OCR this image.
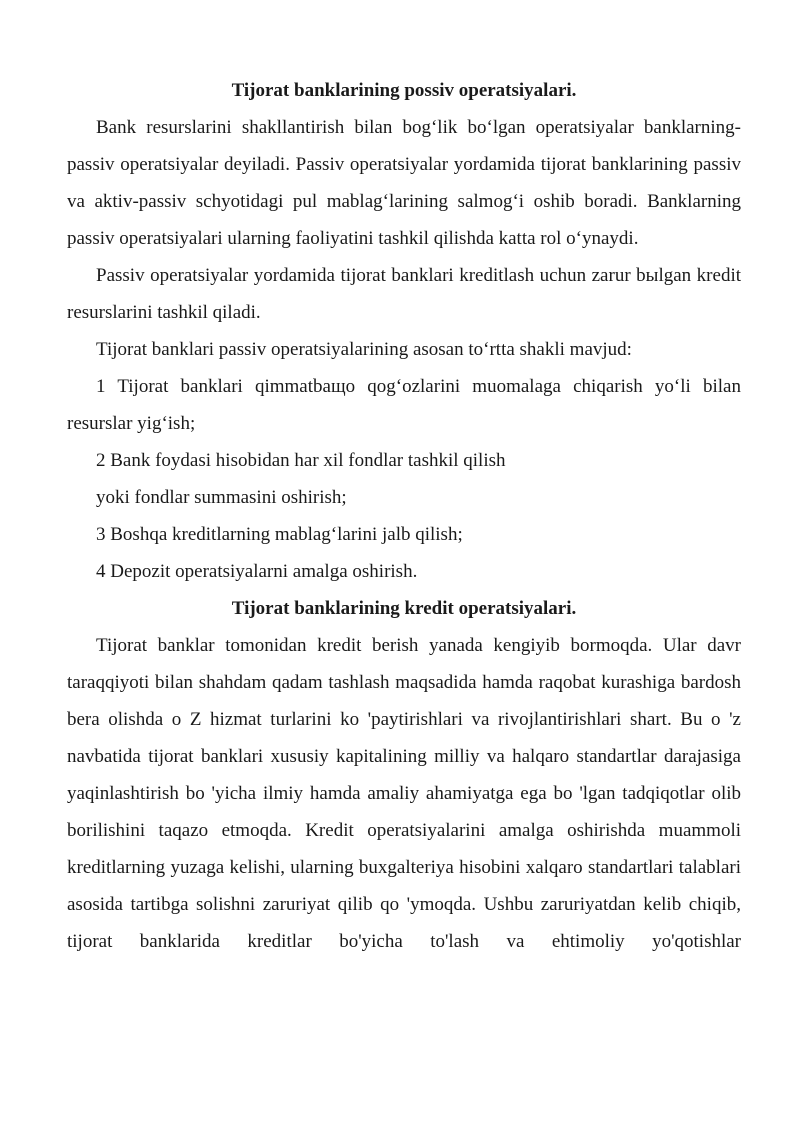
Tijorat banklarining possiv operatsiyalari.

Bank resurslarini shakllantirish bilan bog‘lik bo‘lgan operatsiyalar banklarning- passiv operatsiyalar deyiladi. Passiv operatsiyalar yordamida tijorat banklarining passiv va aktiv-passiv schyotidagi pul mablag‘larining salmog‘i oshib boradi. Banklarning passiv operatsiyalari ularning faoliyatini tashkil qilishda katta rol o‘ynaydi.

Passiv operatsiyalar yordamida tijorat banklari kreditlash uchun zarur bыlgan kredit resurslarini tashkil qiladi.

Tijorat banklari passiv operatsiyalarining asosan to‘rtta shakli mavjud:

1 Tijorat banklari qimmatbaщo qog‘ozlarini muomalaga chiqarish yo‘li bilan resurslar yig‘ish;

2 Bank foydasi hisobidan har xil fondlar tashkil qilish

yoki fondlar summasini oshirish;

3 Boshqa kreditlarning mablag‘larini jalb qilish;

4 Depozit operatsiyalarni amalga oshirish.

Tijorat banklarining kredit operatsiyalari.

Tijorat banklar tomonidan kredit berish yanada kengiyib bormoqda. Ular davr taraqqiyoti bilan shahdam qadam tashlash maqsadida hamda raqobat kurashiga bardosh bera olishda o Z hizmat turlarini ko 'paytirishlari va rivojlantirishlari shart. Bu o 'z navbatida tijorat banklari xususiy kapitalining milliy va halqaro standartlar darajasiga yaqinlashtirish bo 'yicha ilmiy hamda amaliy ahamiyatga ega bo 'lgan tadqiqotlar olib borilishini taqazo etmoqda. Kredit operatsiyalarini amalga oshirishda muammoli kreditlarning yuzaga kelishi, ularning buxgalteriya hisobini xalqaro standartlari talablari asosida tartibga solishni zaruriyat qilib qo 'ymoqda. Ushbu zaruriyatdan kelib chiqib, tijorat banklarida kreditlar bo'yicha to'lash va ehtimoliy yo'qotishlar
